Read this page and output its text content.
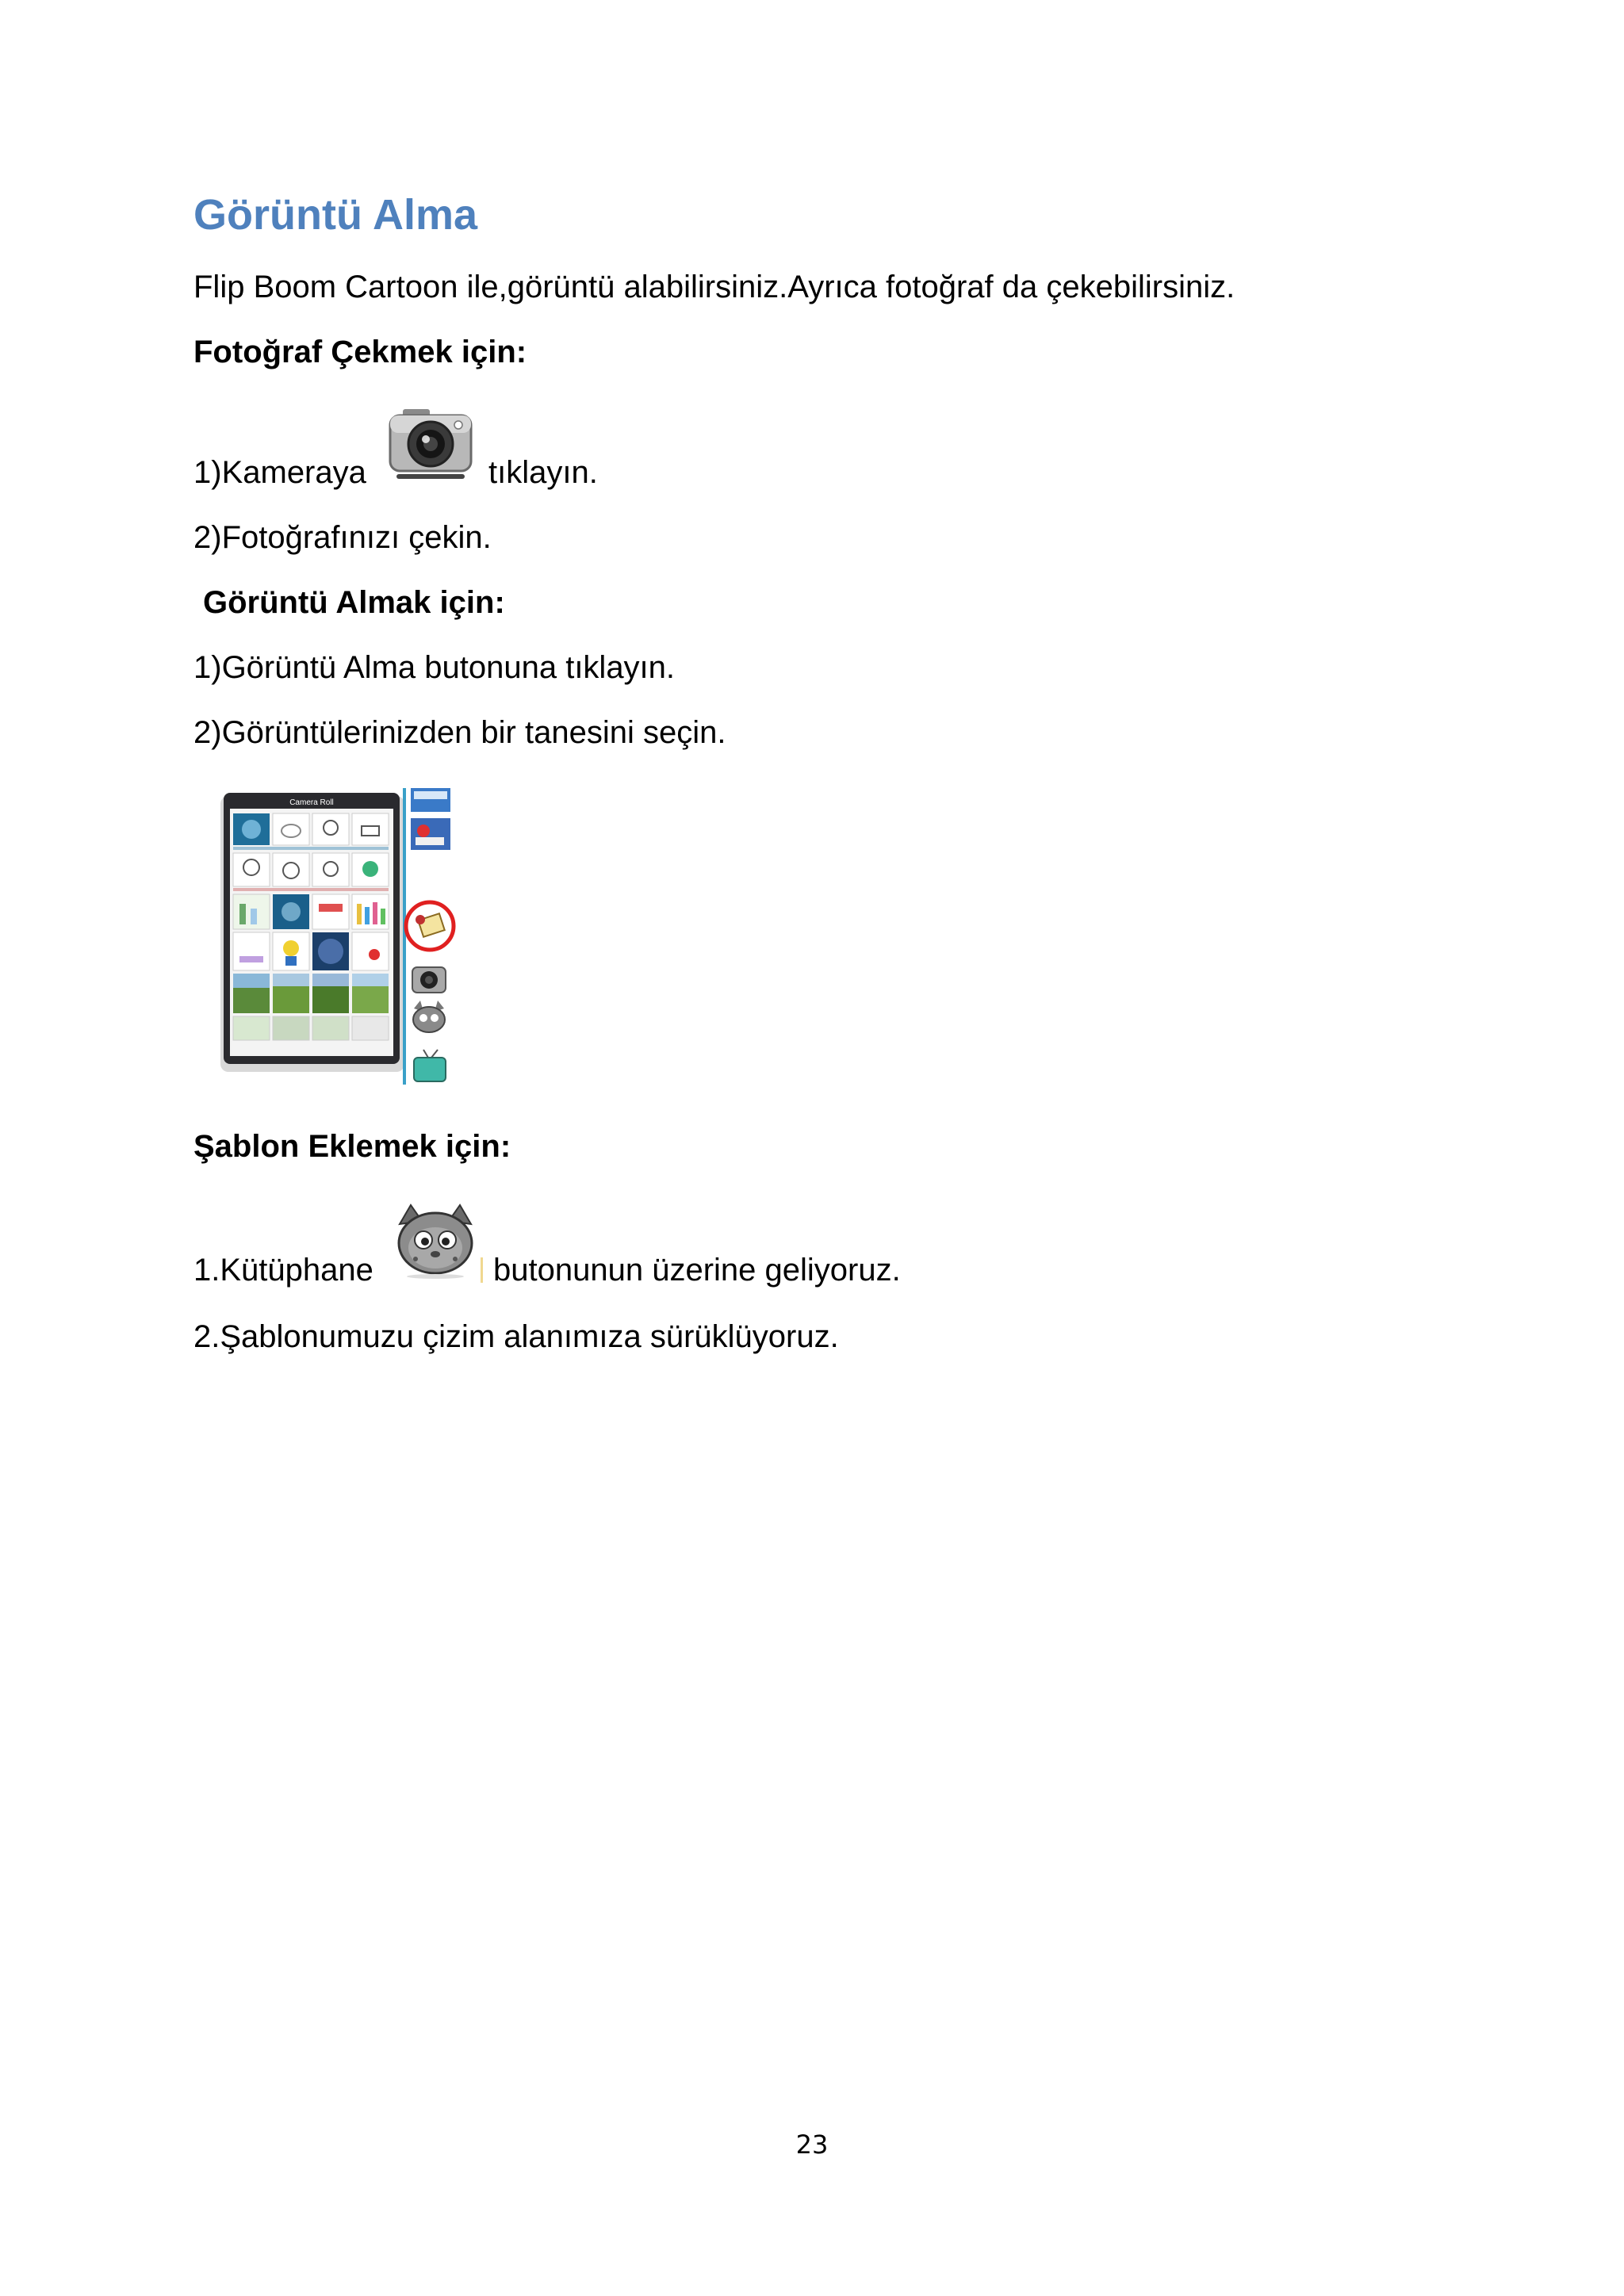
Görüntü Alma
Flip Boom Cartoon ile,görüntü alabilirsiniz.Ayrıca fotoğraf da çekebilirsiniz.
Fotoğraf Çekmek için:
1)Kameraya	tıklayın.
2)Fotoğrafınızı çekin.
Görüntü Almak için:
1)Görüntü Alma butonuna tıklayın.
2)Görüntülerinizden bir tanesini seçin.
Camera Roll
Şablon Eklemek için:
1.Kütüphane	butonunun üzerine geliyoruz.
2.Şablonumuzu çizim alanımıza sürüklüyoruz.
23
